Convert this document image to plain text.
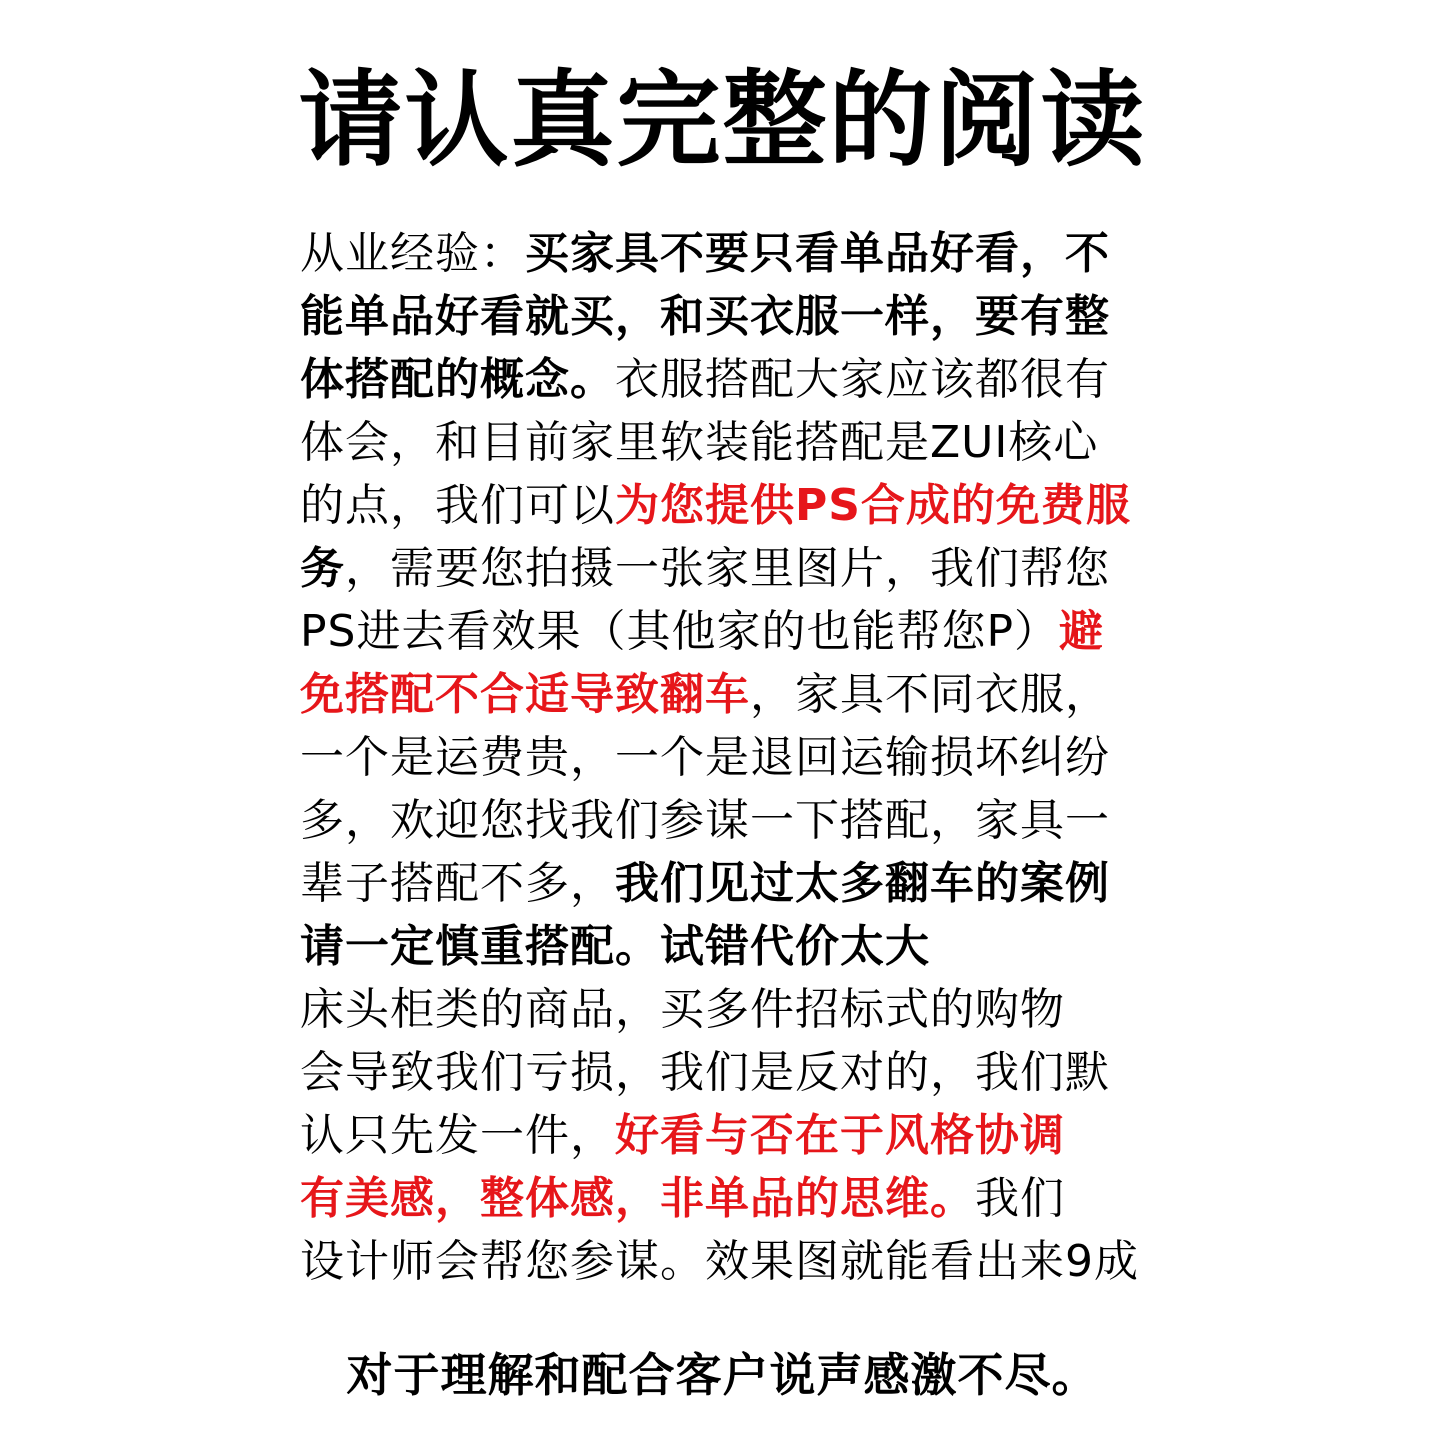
请认真完整的阅读
从业经验：买家具不要只看单品好看，不
能单品好看就买，和买衣服一样，要有整
体搭配的概念。衣服搭配大家应该都很有
体会，和目前家里软装能搭配是ZUI核心
的点，我们可以为您提供PS合成的免费服
务，需要您拍摄一张家里图片，我们帮您
PS进去看效果（其他家的也能帮您P）避
免搭配不合适导致翻车，家具不同衣服，
一个是运费贵，一个是退回运输损坏纠纷
多，欢迎您找我们参谋一下搭配，家具一
辈子搭配不多，我们见过太多翻车的案例
请一定慎重搭配。试错代价太大
床头柜类的商品，买多件招标式的购物
会导致我们亏损，我们是反对的，我们默
认只先发一件，好看与否在于风格协调
有美感，整体感，非单品的思维。我们
设计师会帮您参谋。效果图就能看出来9成
对于理解和配合客户说声感激不尽。
